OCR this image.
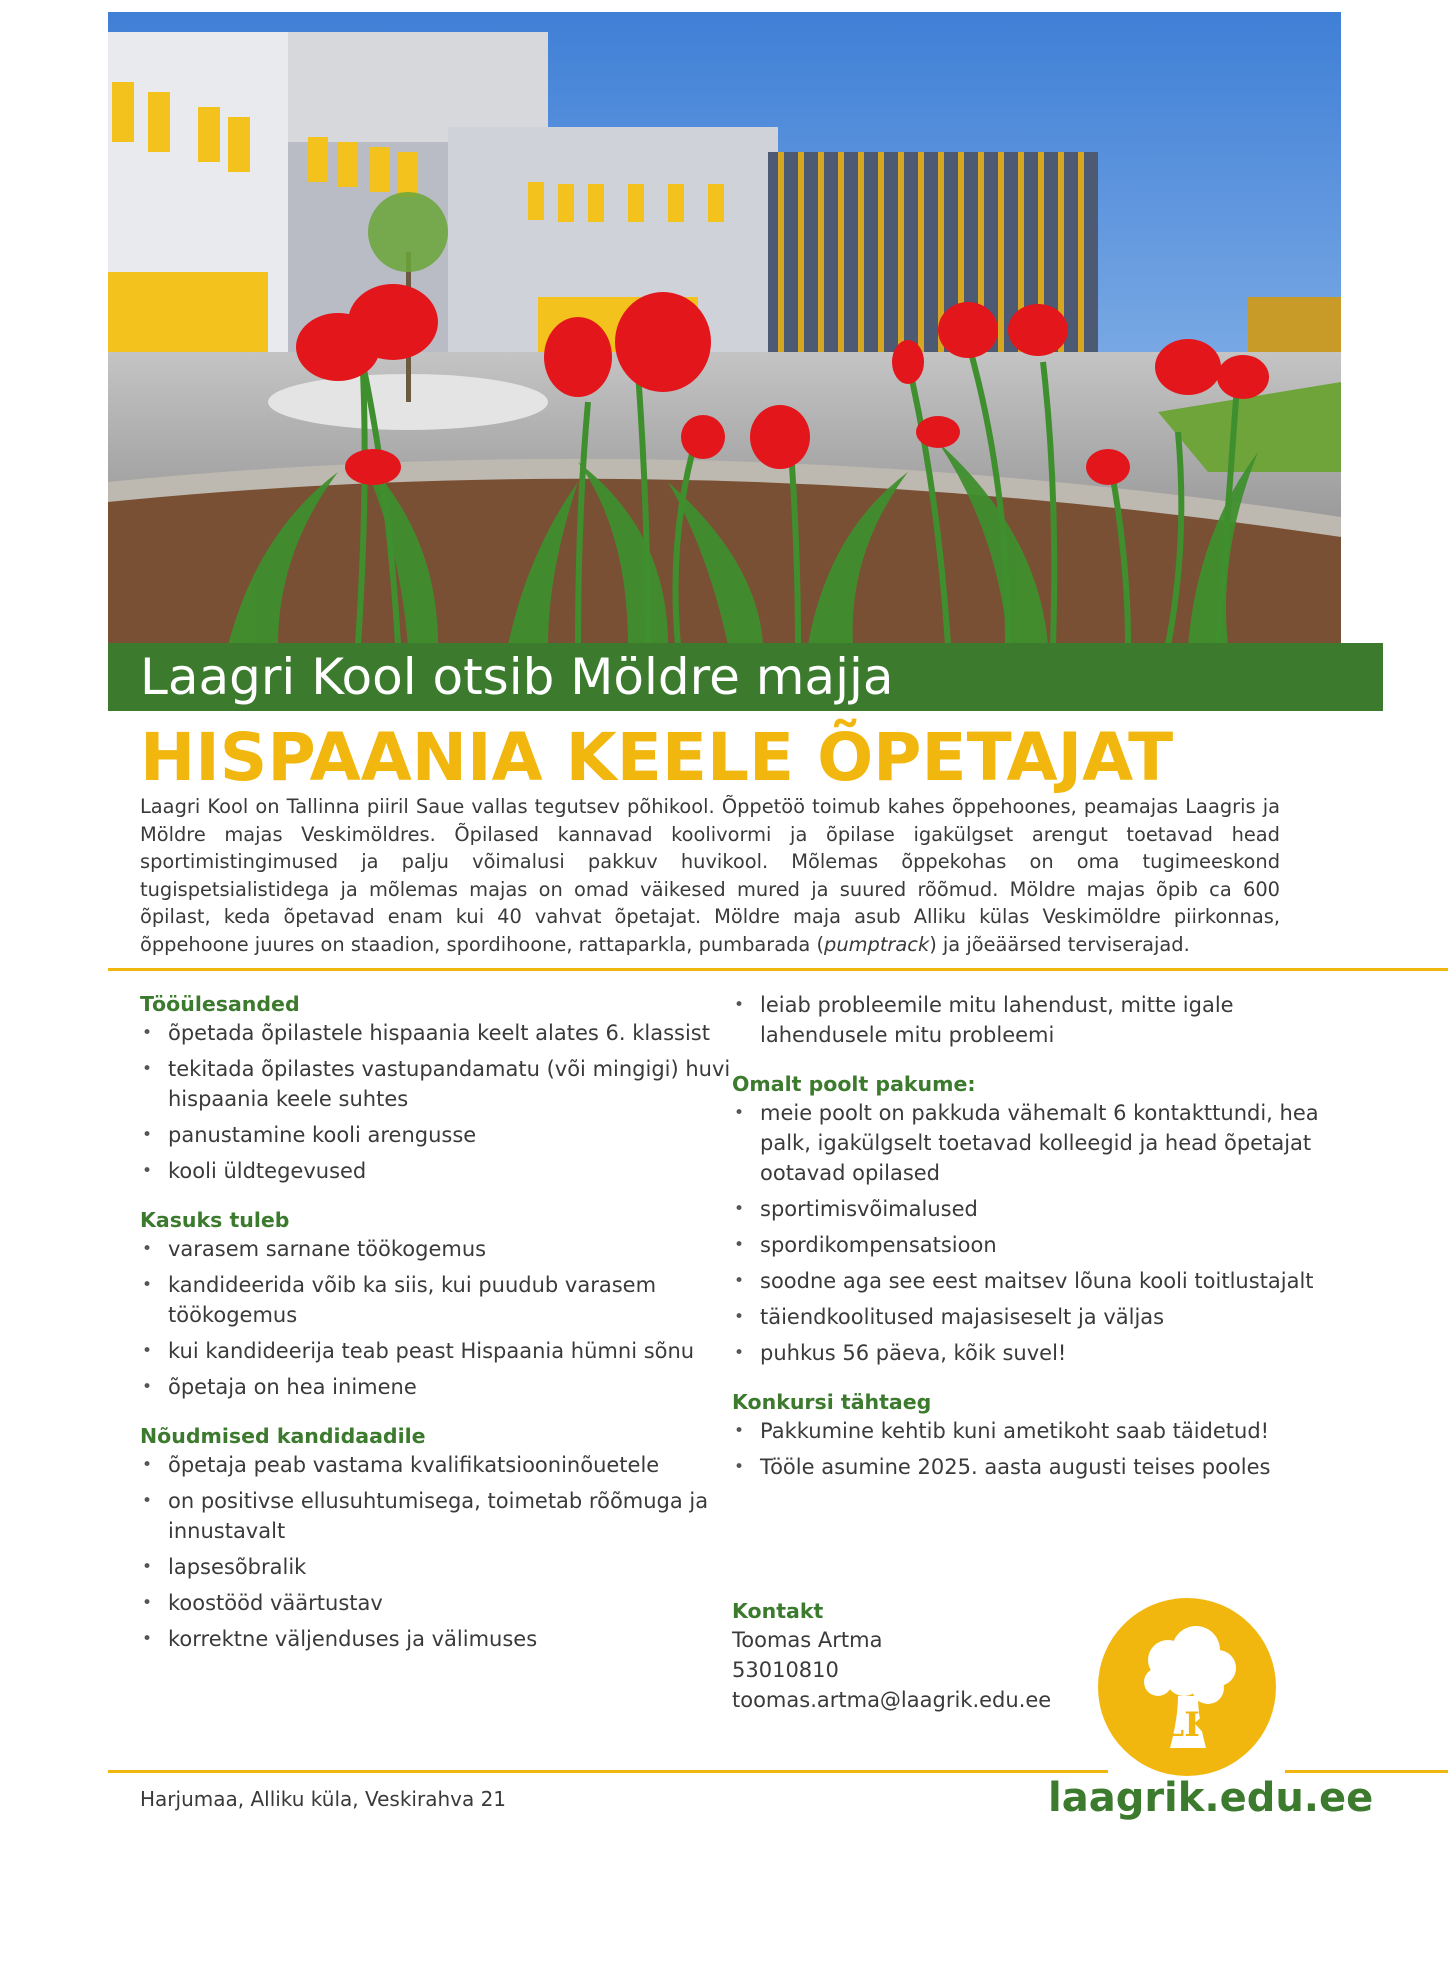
Laagri Kool otsib Möldre majja
HISPAANIA KEELE ÕPETAJAT
Laagri Kool on Tallinna piiril Saue vallas tegutsev põhikool. Õppetöö toimub kahes õppehoones, peamajas Laagris ja Möldre majas Veskimöldres. Õpilased kannavad koolivormi ja õpilase igakülgset arengut toetavad head sportimistingimused ja palju võimalusi pakkuv huvikool. Mõlemas õppekohas on oma tugimeeskond tugispetsialistidega ja mõlemas majas on omad väikesed mured ja suured rõõmud. Möldre majas õpib ca 600 õpilast, keda õpetavad enam kui 40 vahvat õpetajat. Möldre maja asub Alliku külas Veskimöldre piirkonnas, õppehoone juures on staadion, spordihoone, rattaparkla, pumbarada (pumptrack) ja jõeäärsed terviserajad.
Tööülesanded
• õpetada õpilastele hispaania keelt alates 6. klassist
• tekitada õpilastes vastupandamatu (või mingigi) huvi hispaania keele suhtes
• panustamine kooli arengusse
• kooli üldtegevused
Kasuks tuleb
• varasem sarnane töökogemus
• kandideerida võib ka siis, kui puudub varasem töökogemus
• kui kandideerija teab peast Hispaania hümni sõnu
• õpetaja on hea inimene
Nõudmised kandidaadile
• õpetaja peab vastama kvalifikatsiooninõuetele
• on positivse ellusuhtumisega, toimetab rõõmuga ja innustavalt
• lapsesõbralik
• koostööd väärtustav
• korrektne väljenduses ja välimuses
• leiab probleemile mitu lahendust, mitte igale lahendusele mitu probleemi
Omalt poolt pakume:
• meie poolt on pakkuda vähemalt 6 kontakttundi, hea palk, igakülgselt toetavad kolleegid ja head õpetajat ootavad opilased
• sportimisvõimalused
• spordikompensatsioon
• soodne aga see eest maitsev lõuna kooli toitlustajalt
• täiendkoolitused majasiseselt ja väljas
• puhkus 56 päeva, kõik suvel!
Konkursi tähtaeg
• Pakkumine kehtib kuni ametikoht saab täidetud!
• Tööle asumine 2025. aasta augusti teises pooles
Kontakt
Toomas Artma
53010810
toomas.artma@laagrik.edu.ee
LK
Harjumaa, Alliku küla, Veskirahva 21	laagrik.edu.ee
